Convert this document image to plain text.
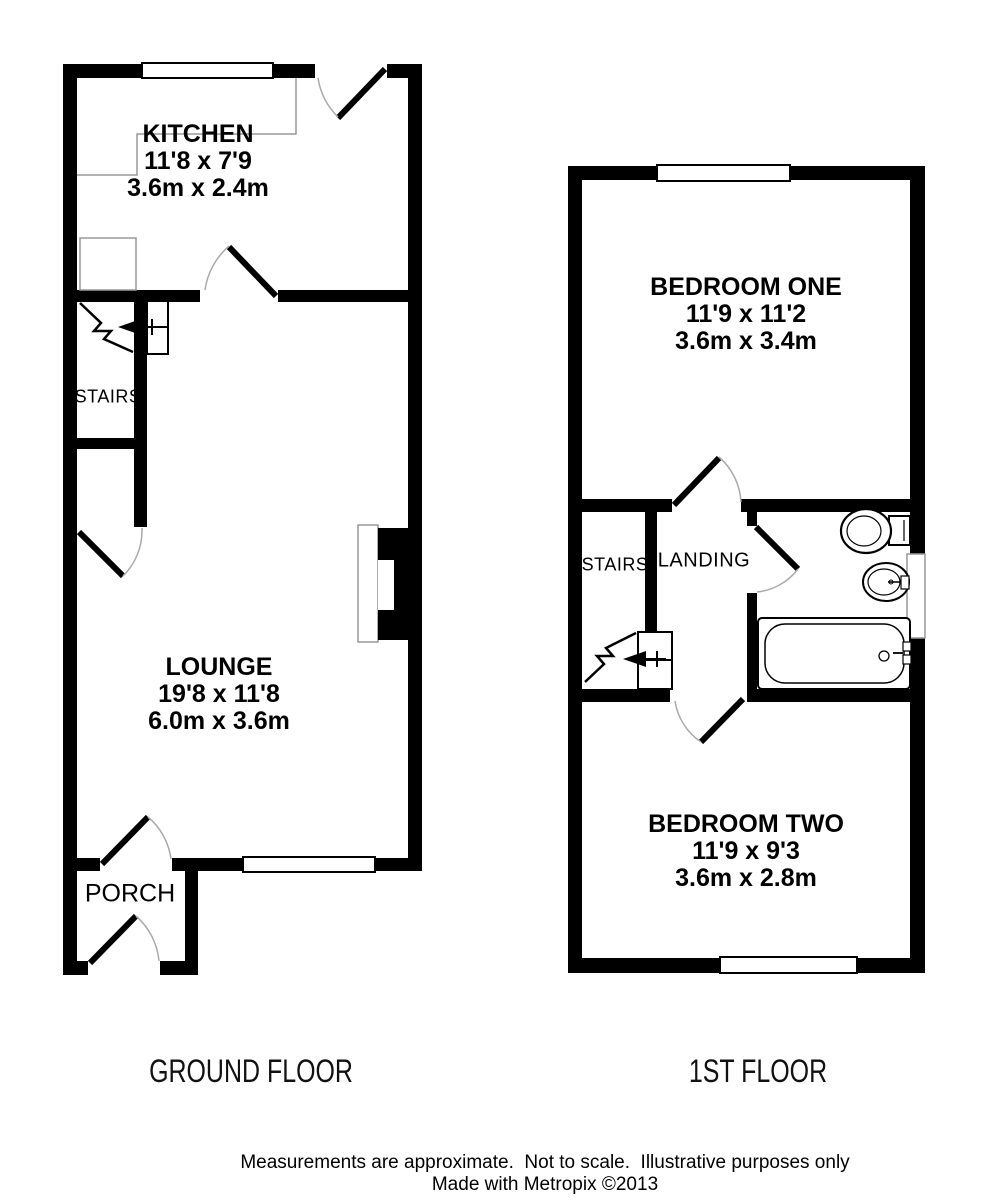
KITCHEN
11'8 x 7'9
3.6m x 2.4m
LOUNGE
19'8 x 11'8
6.0m x 3.6m
STAIRS
PORCH
BEDROOM ONE
11'9 x 11'2
3.6m x 3.4m
BEDROOM TWO
11'9 x 9'3
3.6m x 2.8m
STAIRS LANDING
GROUND FLOOR	1ST FLOOR
Measurements are approximate.  Not to scale.  Illustrative purposes only
Made with Metropix ©2013
